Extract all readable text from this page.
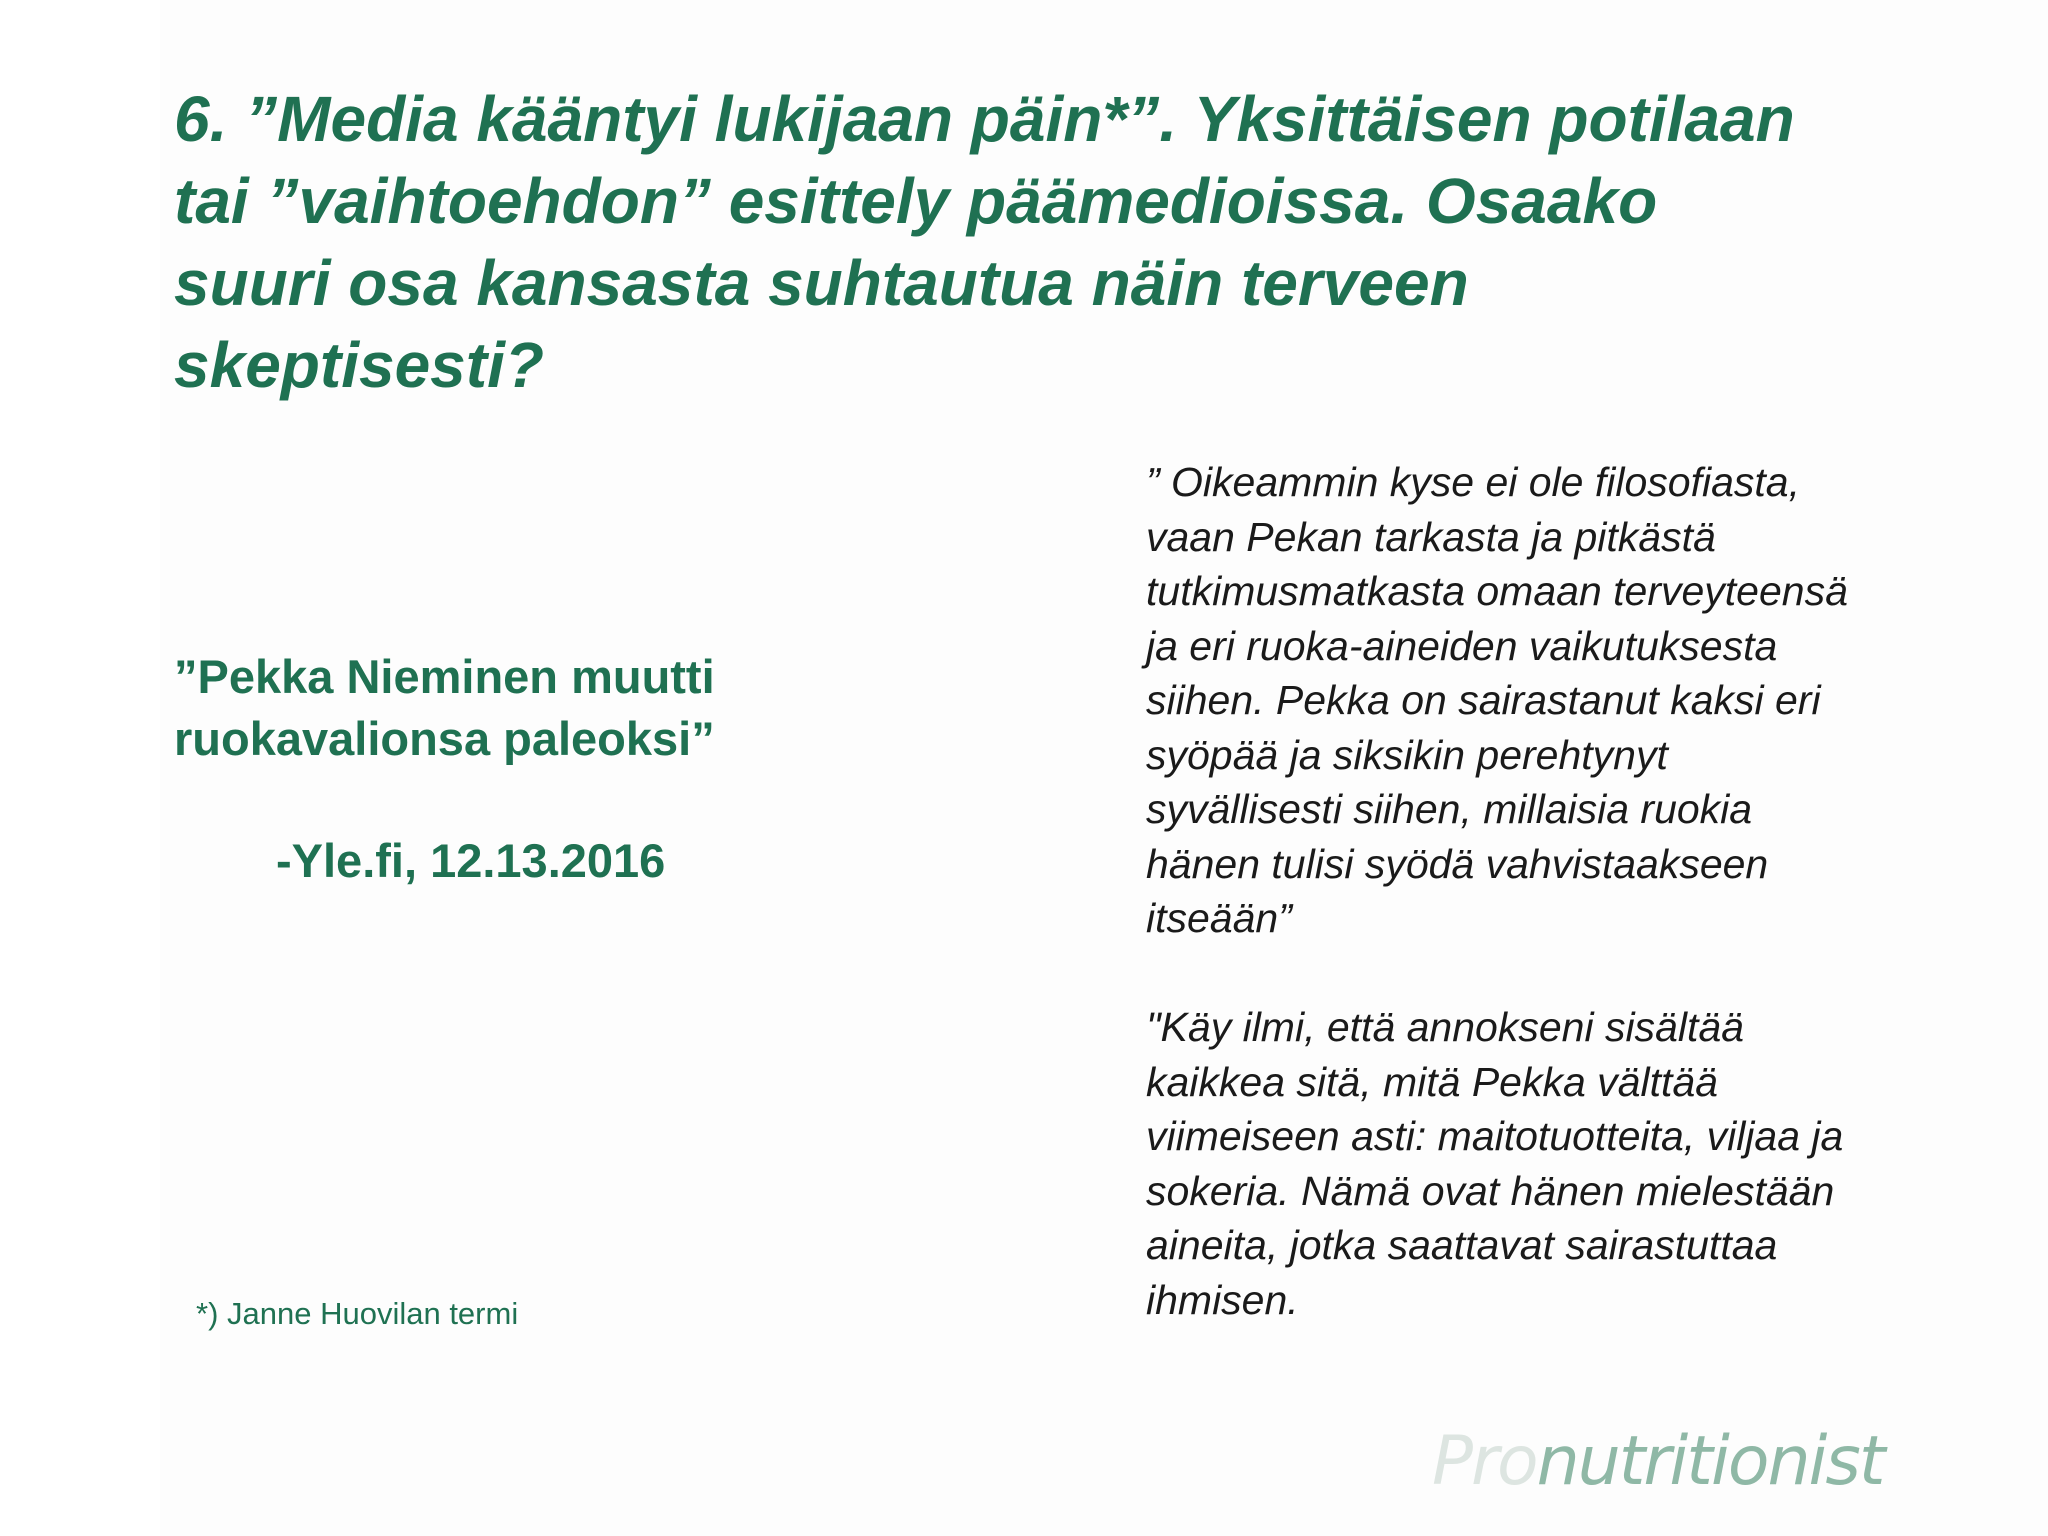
6. ”Media kääntyi lukijaan päin*”. Yksittäisen potilaan
tai ”vaihtoehdon” esittely päämedioissa. Osaako
suuri osa kansasta suhtautua näin terveen
skeptisesti?
”Pekka Nieminen muutti
ruokavalionsa paleoksi”
-Yle.fi, 12.13.2016
*) Janne Huovilan termi
” Oikeammin kyse ei ole filosofiasta,
vaan Pekan tarkasta ja pitkästä
tutkimusmatkasta omaan terveyteensä
ja eri ruoka-aineiden vaikutuksesta
siihen. Pekka on sairastanut kaksi eri
syöpää ja siksikin perehtynyt
syvällisesti siihen, millaisia ruokia
hänen tulisi syödä vahvistaakseen
itseään”
"Käy ilmi, että annokseni sisältää
kaikkea sitä, mitä Pekka välttää
viimeiseen asti: maitotuotteita, viljaa ja
sokeria. Nämä ovat hänen mielestään
aineita, jotka saattavat sairastuttaa
ihmisen.
Pronutritionist
